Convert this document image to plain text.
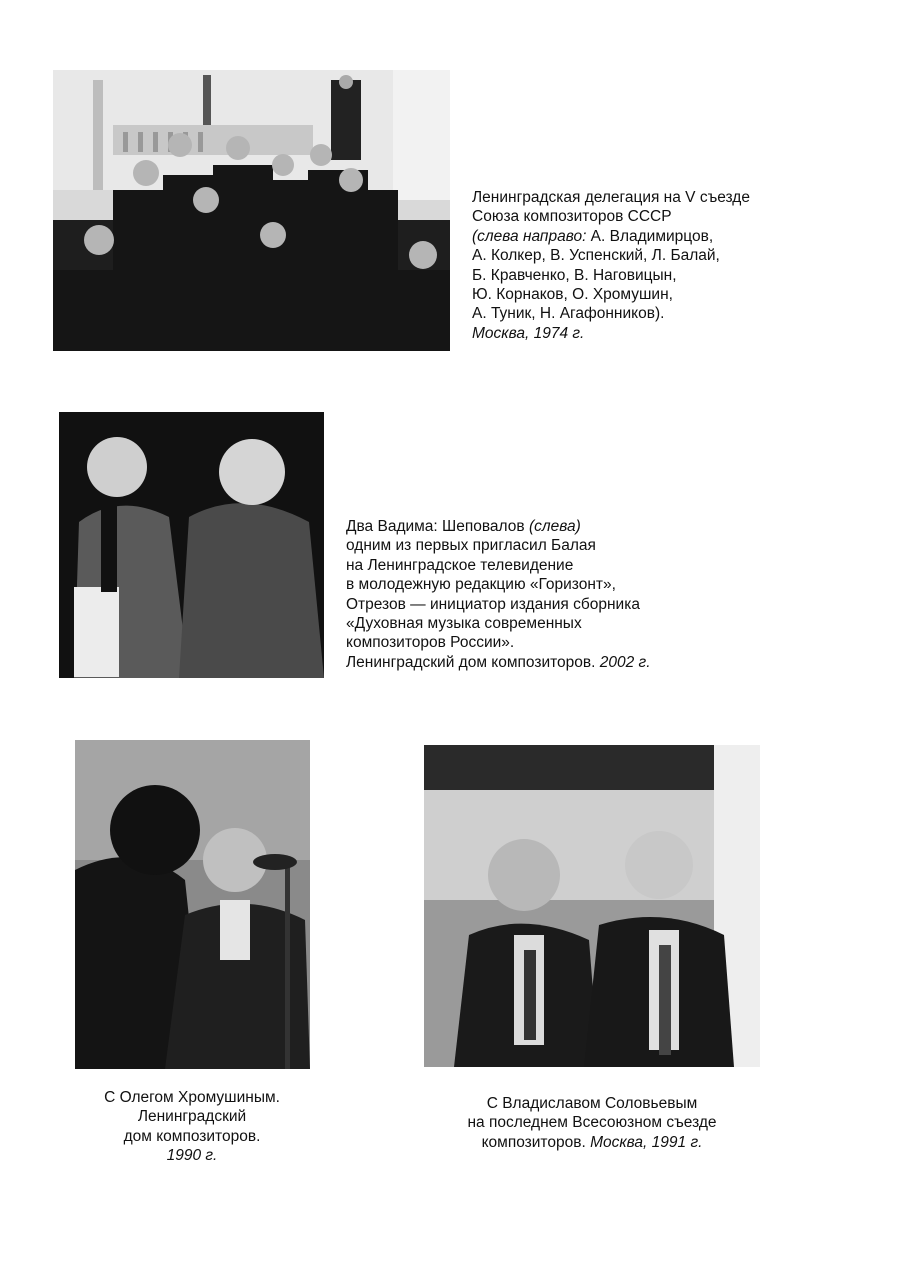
Ленинградская делегация на V съезде
Союза композиторов СССР
(слева направо: А. Владимирцов,
А. Колкер, В. Успенский, Л. Балай,
Б. Кравченко, В. Наговицын,
Ю. Корнаков, О. Хромушин,
А. Туник, Н. Агафонников).
Москва, 1974 г.
Два Вадима: Шеповалов (слева)
одним из первых пригласил Балая
на Ленинградское телевидение
в молодежную редакцию «Горизонт»,
Отрезов — инициатор издания сборника
«Духовная музыка современных
композиторов России».
Ленинградский дом композиторов. 2002 г.
С Олегом Хромушиным.
Ленинградский
дом композиторов.
1990 г.
С Владиславом Соловьевым
на последнем Всесоюзном съезде
композиторов. Москва, 1991 г.
